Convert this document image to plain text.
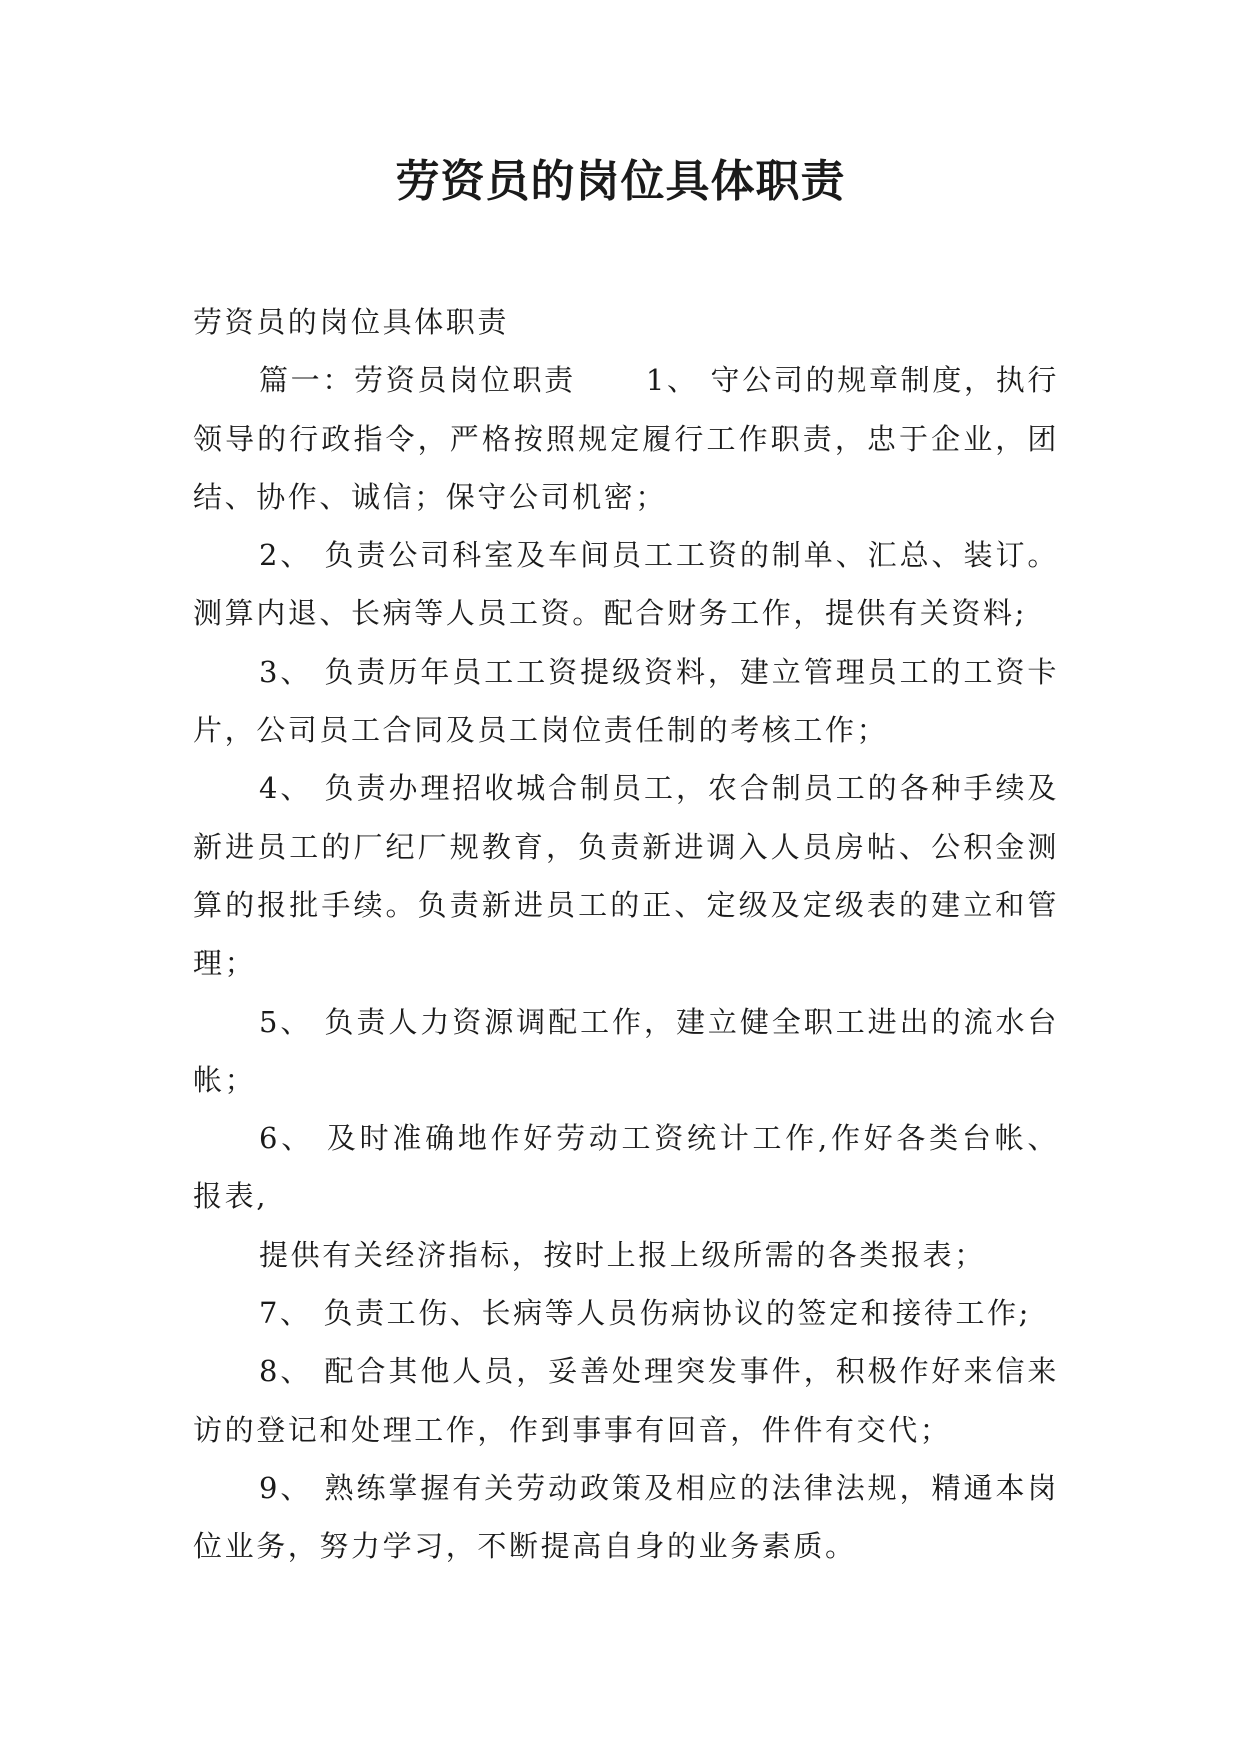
劳资员的岗位具体职责

劳资员的岗位具体职责

篇一：劳资员岗位职责 1、 守公司的规章制度，执行领导的行政指令，严格按照规定履行工作职责，忠于企业，团结、协作、诚信；保守公司机密；

2、 负责公司科室及车间员工工资的制单、汇总、装订。测算内退、长病等人员工资。配合财务工作，提供有关资料;

3、 负责历年员工工资提级资料，建立管理员工的工资卡片，公司员工合同及员工岗位责任制的考核工作；

4、 负责办理招收城合制员工，农合制员工的各种手续及新进员工的厂纪厂规教育，负责新进调入人员房帖、公积金测算的报批手续。负责新进员工的正、定级及定级表的建立和管理；

5、 负责人力资源调配工作，建立健全职工进出的流水台帐；

6、 及时准确地作好劳动工资统计工作,作好各类台帐、报表,

提供有关经济指标，按时上报上级所需的各类报表；

7、 负责工伤、长病等人员伤病协议的签定和接待工作;

8、 配合其他人员，妥善处理突发事件，积极作好来信来访的登记和处理工作，作到事事有回音，件件有交代；

9、 熟练掌握有关劳动政策及相应的法律法规，精通本岗位业务，努力学习，不断提高自身的业务素质。
